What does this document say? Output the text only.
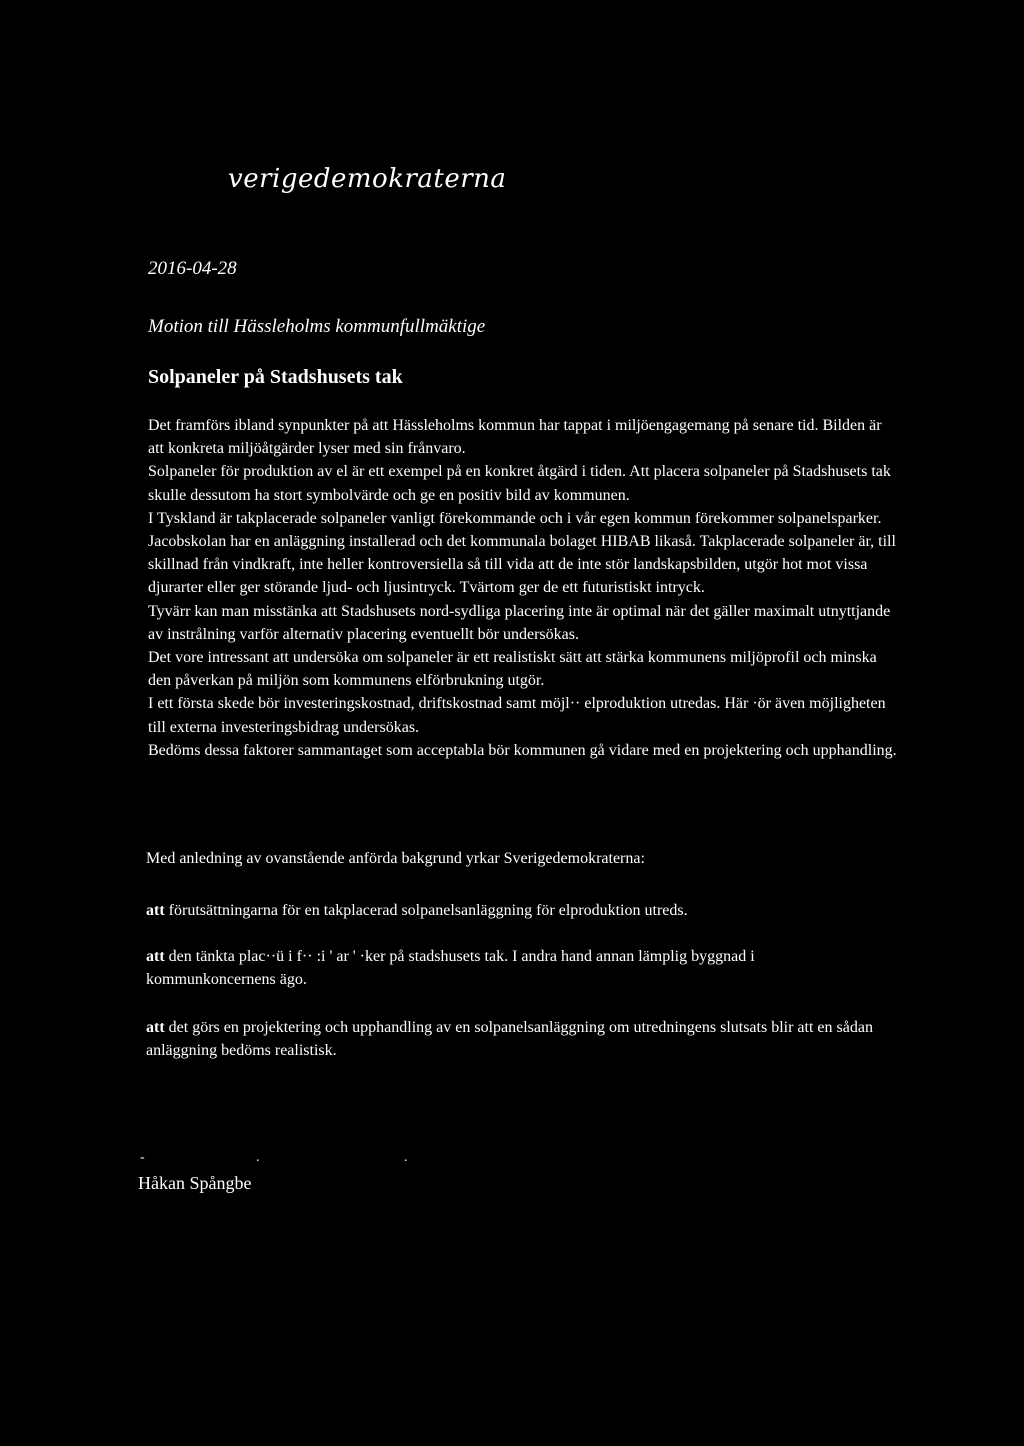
verigedemokraterna
2016-04-28
Motion till Hässleholms kommunfullmäktige
Solpaneler på Stadshusets tak

Det framförs ibland synpunkter på att Hässleholms kommun har tappat i miljöengagemang på senare tid. Bilden är att konkreta miljöåtgärder lyser med sin frånvaro.

Solpaneler för produktion av el är ett exempel på en konkret åtgärd i tiden. Att placera solpaneler på Stadshusets tak skulle dessutom ha stort symbolvärde och ge en positiv bild av kommunen.

I Tyskland är takplacerade solpaneler vanligt förekommande och i vår egen kommun förekommer solpanelsparker. Jacobskolan har en anläggning installerad och det kommunala bolaget HIBAB likaså. Takplacerade solpaneler är, till skillnad från vindkraft, inte heller kontroversiella så till vida att de inte stör landskapsbilden, utgör hot mot vissa djurarter eller ger störande ljud- och ljusintryck. Tvärtom ger de ett futuristiskt intryck.

Tyvärr kan man misstänka att Stadshusets nord-sydliga placering inte är optimal när det gäller maximalt utnyttjande av instrålning varför alternativ placering eventuellt bör undersökas.

Det vore intressant att undersöka om solpaneler är ett realistiskt sätt att stärka kommunens miljöprofil och minska den påverkan på miljön som kommunens elförbrukning utgör.

I ett första skede bör investeringskostnad, driftskostnad samt möjl·· elproduktion utredas. Här ·ör även möjligheten till externa investeringsbidrag undersökas.

Bedöms dessa faktorer sammantaget som acceptabla bör kommunen gå vidare med en projektering och upphandling.

Med anledning av ovanstående anförda bakgrund yrkar Sverigedemokraterna:
att förutsättningarna för en takplacerad solpanelsanläggning för elproduktion utreds.
att den tänkta plac··ü i f·· :i ' ar ' ·ker på stadshusets tak. I andra hand annan lämplig byggnad i kommunkoncernens ägo.
att det görs en projektering och upphandling av en solpanelsanläggning om utredningens slutsats blir att en sådan anläggning bedöms realistisk.
-	.	.
Håkan Spångbe
